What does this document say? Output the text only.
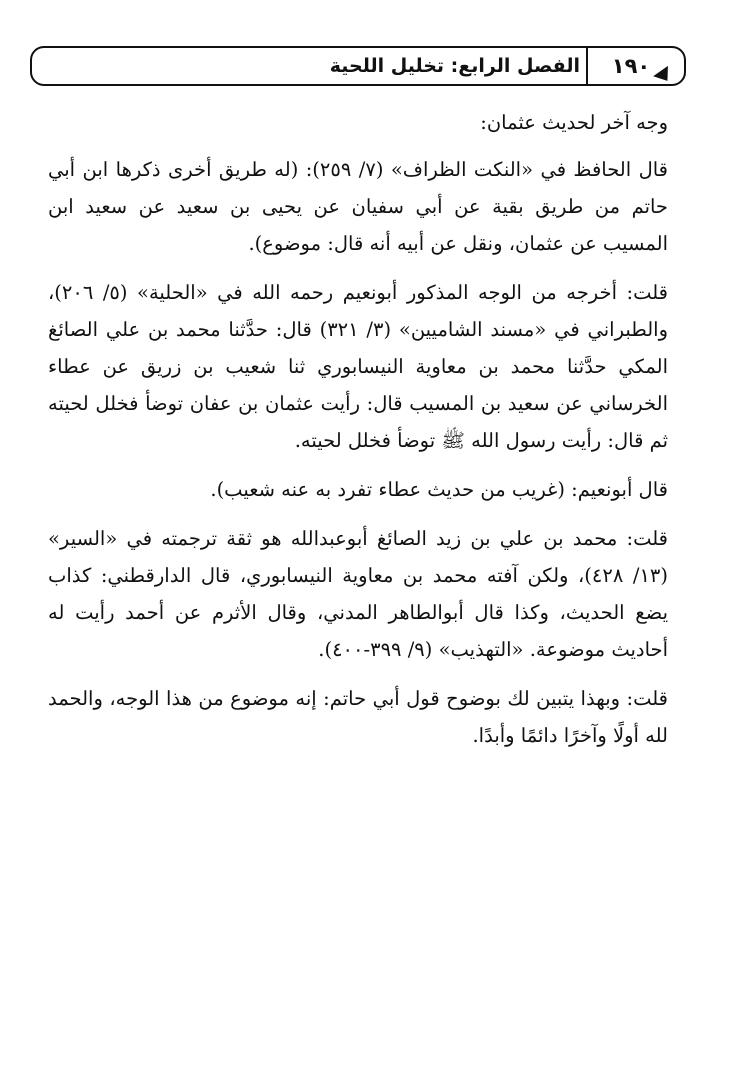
الفصل الرابع: تخليل اللحية	١٩٠

وجه آخر لحديث عثمان:

قال الحافظ في «النكت الظراف» (٧/ ٢٥٩): (له طريق أخرى ذكرها ابن أبي حاتم من طريق بقية عن أبي سفيان عن يحيى بن سعيد عن سعيد ابن المسيب عن عثمان، ونقل عن أبيه أنه قال: موضوع).

قلت: أخرجه من الوجه المذكور أبونعيم رحمه الله في «الحلية» (٥/ ٢٠٦)، والطبراني في «مسند الشاميين» (٣/ ٣٢١) قال: حدَّثنا محمد بن علي الصائغ المكي حدَّثنا محمد بن معاوية النيسابوري ثنا شعيب بن زريق عن عطاء الخرساني عن سعيد بن المسيب قال: رأيت عثمان بن عفان توضأ فخلل لحيته ثم قال: رأيت رسول الله ﷺ توضأ فخلل لحيته.

قال أبونعيم: (غريب من حديث عطاء تفرد به عنه شعيب).

قلت: محمد بن علي بن زيد الصائغ أبوعبدالله هو ثقة ترجمته في «السير» (١٣/ ٤٢٨)، ولكن آفته محمد بن معاوية النيسابوري، قال الدارقطني: كذاب يضع الحديث، وكذا قال أبوالطاهر المدني، وقال الأثرم عن أحمد رأيت له أحاديث موضوعة. «التهذيب» (٩/ ٣٩٩-٤٠٠).

قلت: وبهذا يتبين لك بوضوح قول أبي حاتم: إنه موضوع من هذا الوجه، والحمد لله أولًا وآخرًا دائمًا وأبدًا.
